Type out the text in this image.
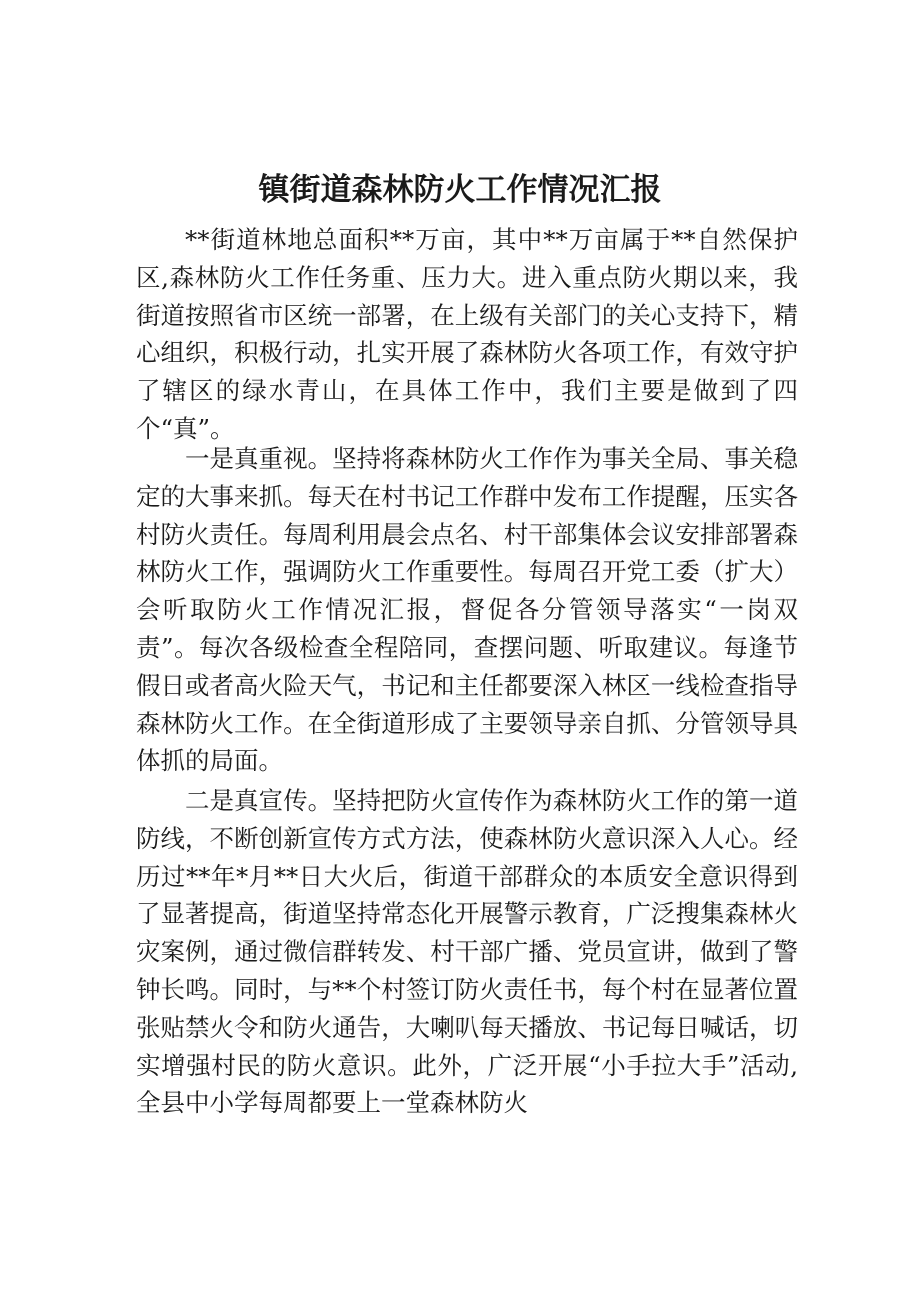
镇街道森林防火工作情况汇报

**街道林地总面积**万亩，其中**万亩属于**自然保护区,森林防火工作任务重、压力大。进入重点防火期以来，我街道按照省市区统一部署，在上级有关部门的关心支持下，精心组织，积极行动，扎实开展了森林防火各项工作，有效守护了辖区的绿水青山，在具体工作中，我们主要是做到了四个“真”。

一是真重视。坚持将森林防火工作作为事关全局、事关稳定的大事来抓。每天在村书记工作群中发布工作提醒，压实各村防火责任。每周利用晨会点名、村干部集体会议安排部署森林防火工作，强调防火工作重要性。每周召开党工委（扩大）会听取防火工作情况汇报，督促各分管领导落实“一岗双责”。每次各级检查全程陪同，查摆问题、听取建议。每逢节假日或者高火险天气，书记和主任都要深入林区一线检查指导森林防火工作。在全街道形成了主要领导亲自抓、分管领导具体抓的局面。

二是真宣传。坚持把防火宣传作为森林防火工作的第一道防线，不断创新宣传方式方法，使森林防火意识深入人心。经历过**年*月**日大火后，街道干部群众的本质安全意识得到了显著提高，街道坚持常态化开展警示教育，广泛搜集森林火灾案例，通过微信群转发、村干部广播、党员宣讲，做到了警钟长鸣。同时，与**个村签订防火责任书，每个村在显著位置张贴禁火令和防火通告，大喇叭每天播放、书记每日喊话，切实增强村民的防火意识。此外，广泛开展“小手拉大手”活动,全县中小学每周都要上一堂森林防火
